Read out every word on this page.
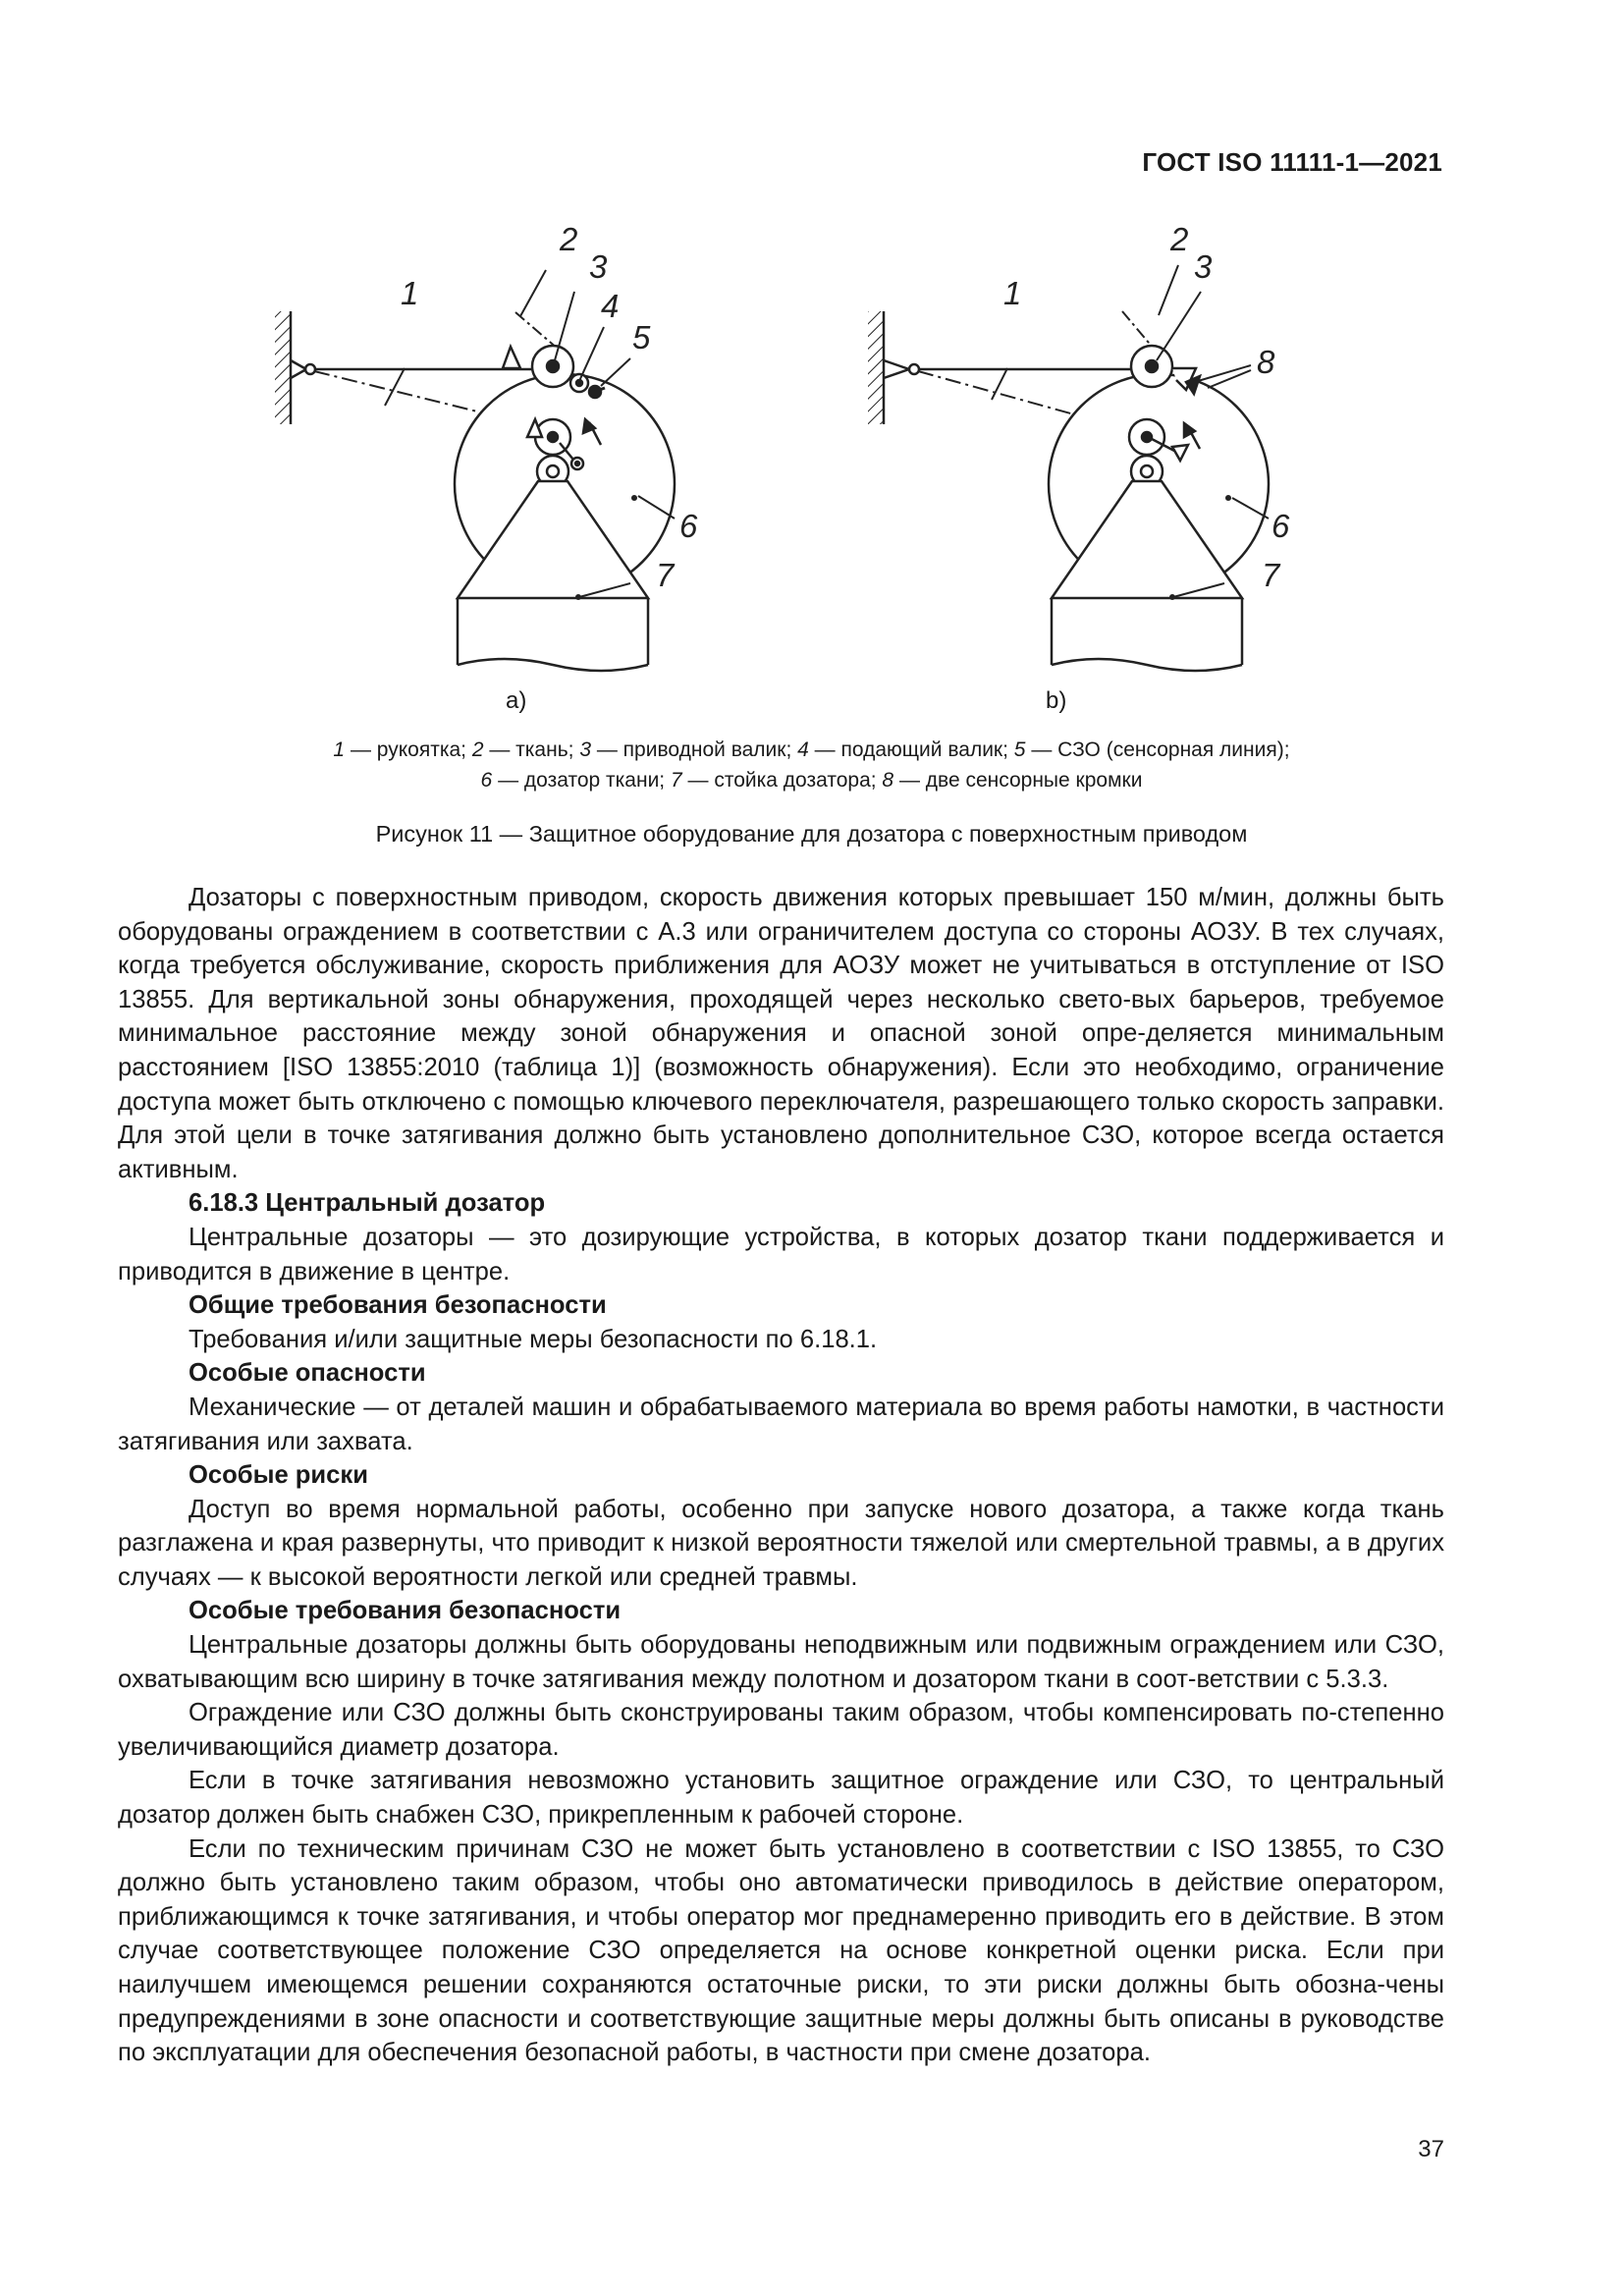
ГОСТ ISO 11111-1—2021
1
2
3
4
5
6
7
1
2
3
8
6
7
a)	b)
1 — рукоятка; 2 — ткань; 3 — приводной валик; 4 — подающий валик; 5 — СЗО (сенсорная линия);
6 — дозатор ткани; 7 — стойка дозатора; 8 — две сенсорные кромки
Рисунок 11 — Защитное оборудование для дозатора с поверхностным приводом

Дозаторы с поверхностным приводом, скорость движения которых превышает 150 м/мин, должны быть оборудованы ограждением в соответствии с A.3 или ограничителем доступа со стороны АОЗУ. В тех случаях, когда требуется обслуживание, скорость приближения для АОЗУ может не учитываться в отступление от ISO 13855. Для вертикальной зоны обнаружения, проходящей через несколько свето-вых барьеров, требуемое минимальное расстояние между зоной обнаружения и опасной зоной опре-деляется минимальным расстоянием [ISO 13855:2010 (таблица 1)] (возможность обнаружения). Если это необходимо, ограничение доступа может быть отключено с помощью ключевого переключателя, разрешающего только скорость заправки. Для этой цели в точке затягивания должно быть установлено дополнительное СЗО, которое всегда остается активным.

6.18.3 Центральный дозатор

Центральные дозаторы — это дозирующие устройства, в которых дозатор ткани поддерживается и приводится в движение в центре.

Общие требования безопасности

Требования и/или защитные меры безопасности по 6.18.1.

Особые опасности

Механические — от деталей машин и обрабатываемого материала во время работы намотки, в частности затягивания или захвата.

Особые риски

Доступ во время нормальной работы, особенно при запуске нового дозатора, а также когда ткань разглажена и края развернуты, что приводит к низкой вероятности тяжелой или смертельной травмы, а в других случаях — к высокой вероятности легкой или средней травмы.

Особые требования безопасности

Центральные дозаторы должны быть оборудованы неподвижным или подвижным ограждением или СЗО, охватывающим всю ширину в точке затягивания между полотном и дозатором ткани в соот-ветствии с 5.3.3.

Ограждение или СЗО должны быть сконструированы таким образом, чтобы компенсировать по-степенно увеличивающийся диаметр дозатора.

Если в точке затягивания невозможно установить защитное ограждение или СЗО, то центральный дозатор должен быть снабжен СЗО, прикрепленным к рабочей стороне.

Если по техническим причинам СЗО не может быть установлено в соответствии с ISO 13855, то СЗО должно быть установлено таким образом, чтобы оно автоматически приводилось в действие оператором, приближающимся к точке затягивания, и чтобы оператор мог преднамеренно приводить его в действие. В этом случае соответствующее положение СЗО определяется на основе конкретной оценки риска. Если при наилучшем имеющемся решении сохраняются остаточные риски, то эти риски должны быть обозна-чены предупреждениями в зоне опасности и соответствующие защитные меры должны быть описаны в руководстве по эксплуатации для обеспечения безопасной работы, в частности при смене дозатора.

37
